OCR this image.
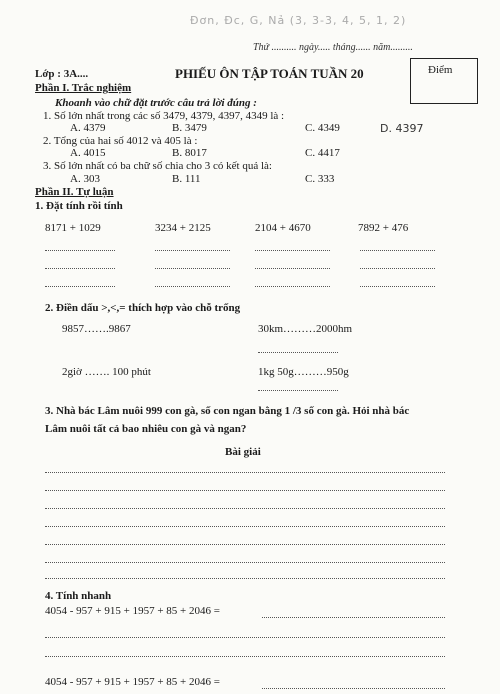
Đơn, Đc, G, Nả (3, 3-3, 4, 5, 1, 2)
Thứ .......... ngày..... tháng...... năm.........
Lớp : 3A....	PHIẾU ÔN TẬP TOÁN TUẦN 20	Điểm
Phần I. Trắc nghiệm
Khoanh vào chữ đặt trước câu trả lời đúng :
1. Số lớn nhất trong các số 3479, 4379, 4397, 4349 là :
A. 4379	B. 3479	C. 4349	D. 4397
2. Tổng của hai số 4012 và 405 là :
A. 4015	B. 8017	C. 4417
3. Số lớn nhất có ba chữ số chia cho 3 có kết quả là:
A. 303	B. 111	C. 333
Phần II. Tự luận
1. Đặt tính rồi tính
8171 + 1029	3234 + 2125	2104 + 4670	7892 + 476
2. Điền dấu >,<,= thích hợp vào chỗ trống
9857…….9867	30km………2000hm
2giờ ……. 100 phút	1kg 50g………950g
3. Nhà bác Lâm nuôi 999 con gà, số con ngan bằng 1 /3 số con gà. Hỏi nhà bác
Lâm nuôi tất cả bao nhiêu con gà và ngan?
Bài giải
4. Tính nhanh
4054 - 957 + 915 + 1957 + 85 + 2046 =
4054 - 957 + 915 + 1957 + 85 + 2046 =
